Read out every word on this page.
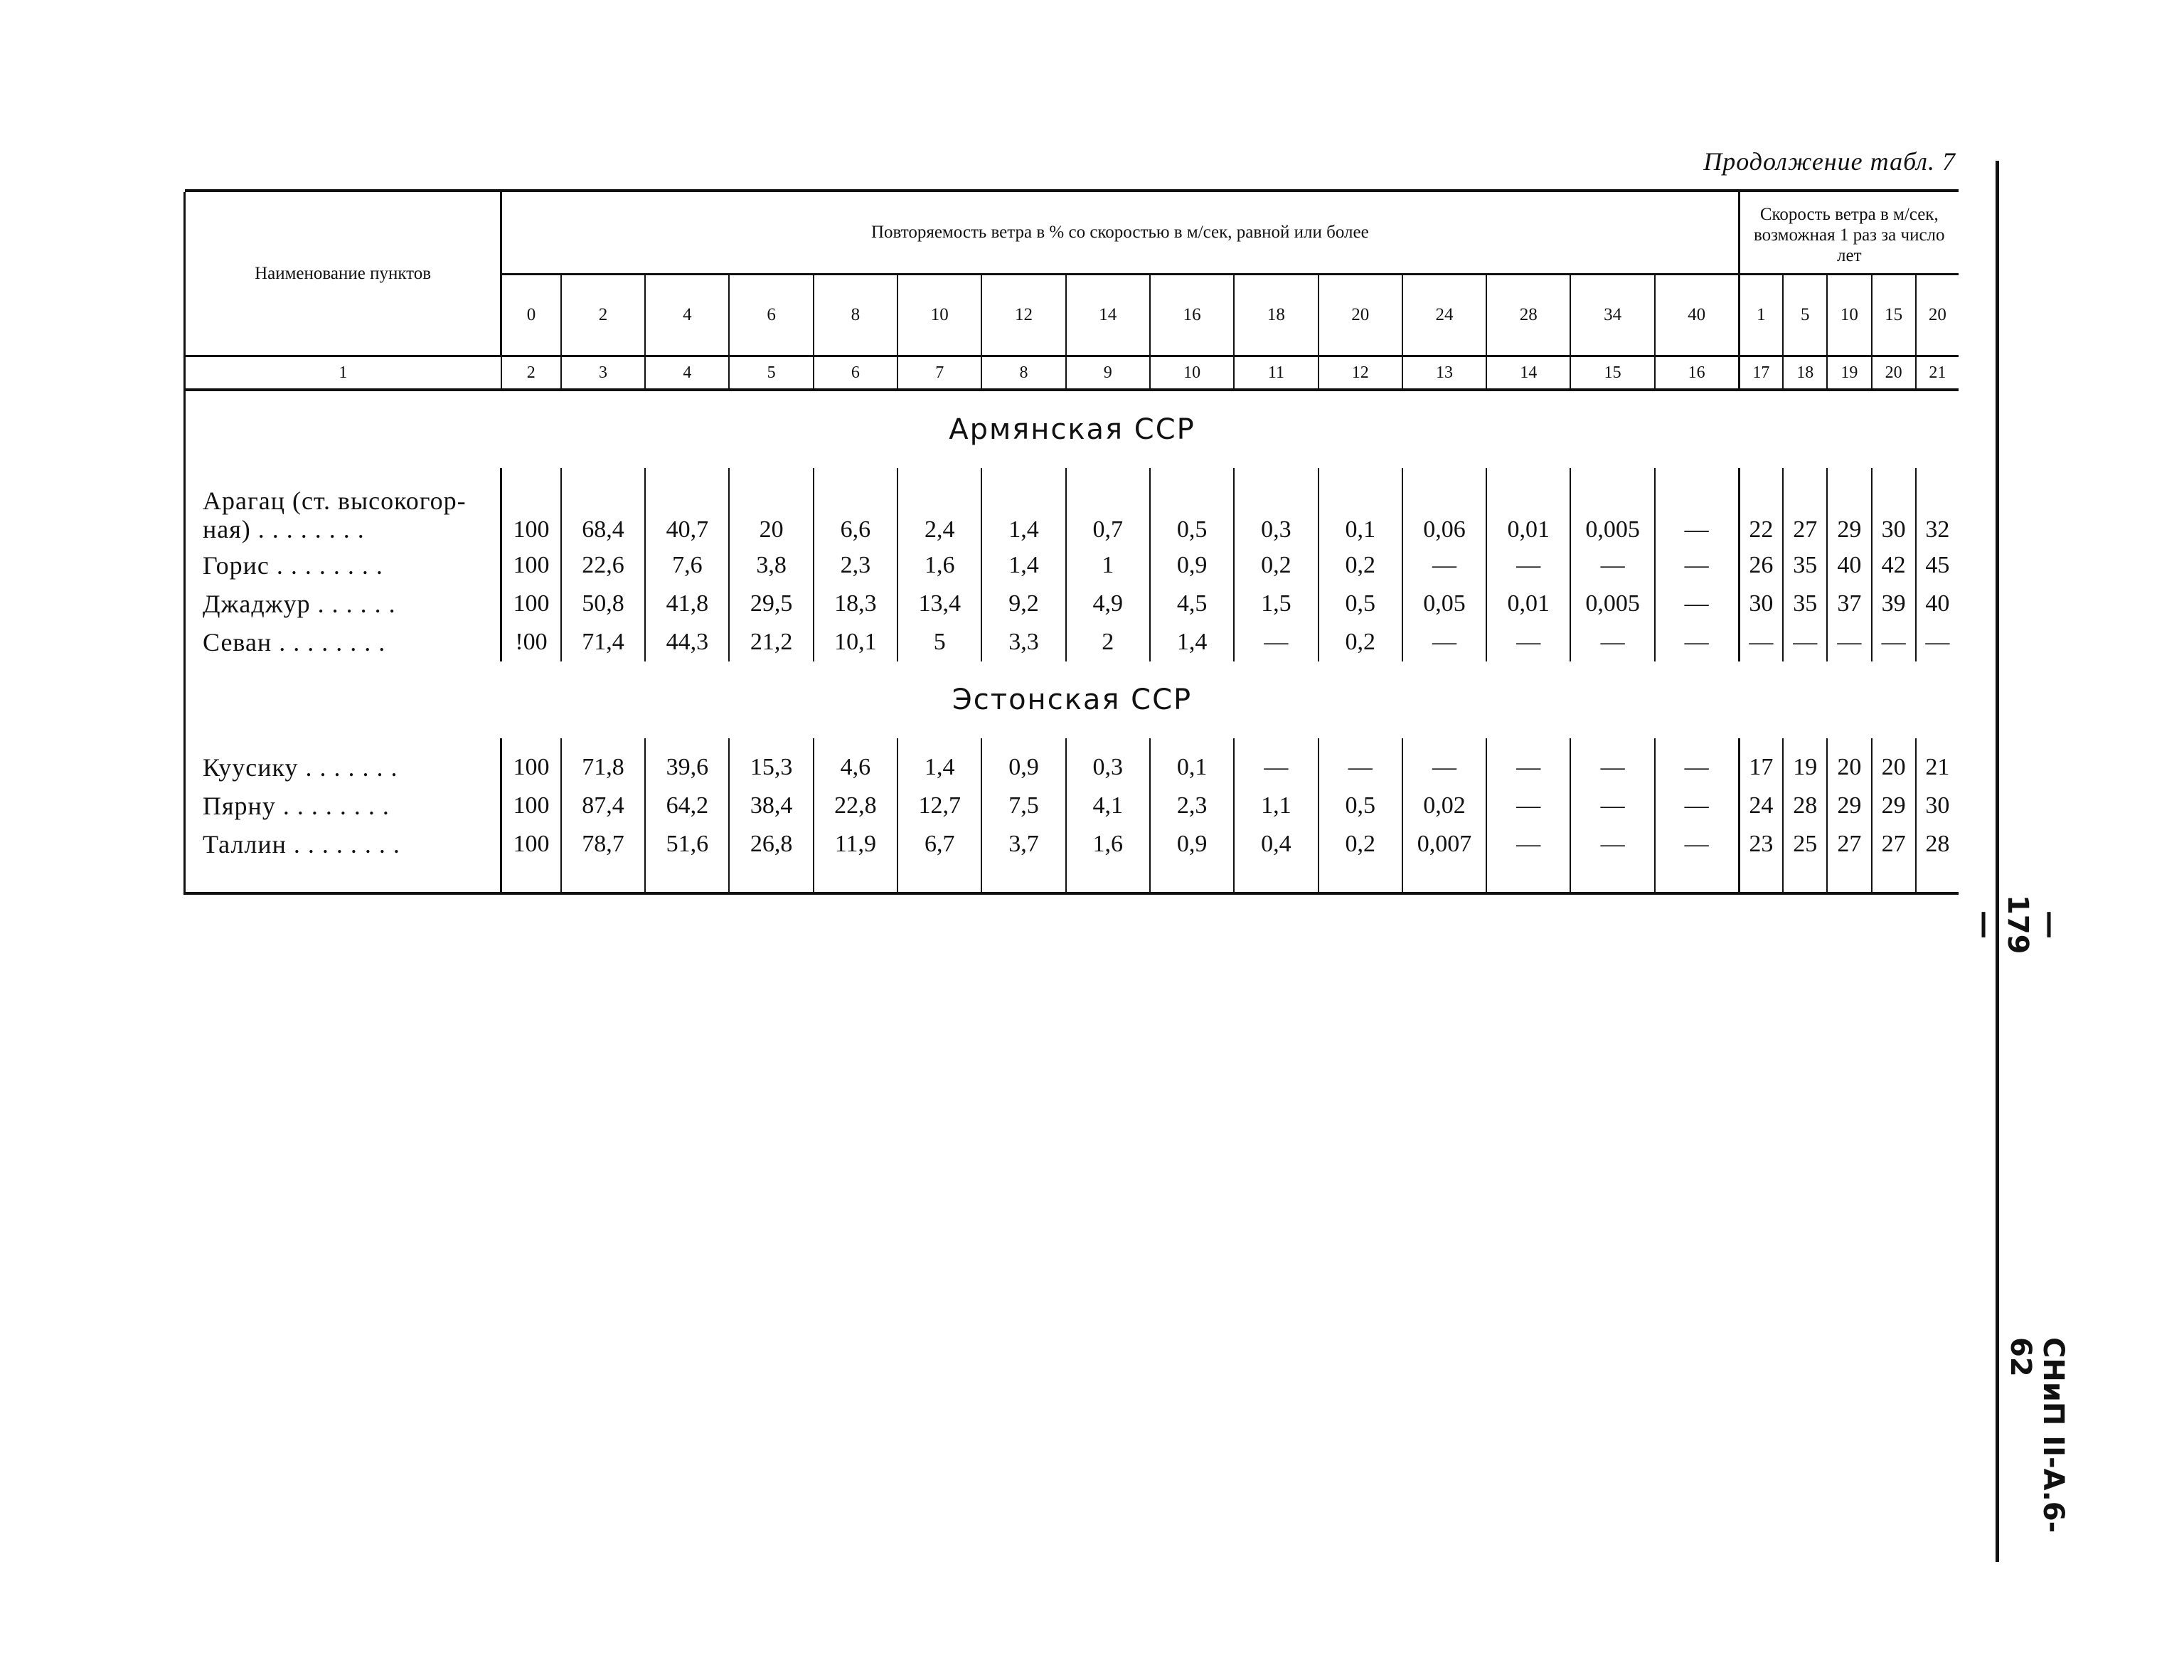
Продолжение табл. 7

Наименование пунктов	Повторяемость ветра в % со скоростью в м/сек, равной или более															Скорость ветра в м/сек, возможная 1 раз за число лет				
	0	2	4	6	8	10	12	14	16	18	20	24	28	34	40	1	5	10	15	20
1	2	3	4	5	6	7	8	9	10	11	12	13	14	15	16	17	18	19	20	21
Армянская ССР																				

Арагац (ст. высокогор-ная) . . . . . . . .	100	68,4	40,7	20	6,6	2,4	1,4	0,7	0,5	0,3	0,1	0,06	0,01	0,005	—	22	27	29	30	32
Горис . . . . . . . .	100	22,6	7,6	3,8	2,3	1,6	1,4	1	0,9	0,2	0,2	—	—	—	—	26	35	40	42	45
Джаджур . . . . . .	100	50,8	41,8	29,5	18,3	13,4	9,2	4,9	4,5	1,5	0,5	0,05	0,01	0,005	—	30	35	37	39	40
Севан . . . . . . . .	!00	71,4	44,3	21,2	10,1	5	3,3	2	1,4	—	0,2	—	—	—	—	—	—	—	—	—
Эстонская ССР																				

Куусику . . . . . . .	100	71,8	39,6	15,3	4,6	1,4	0,9	0,3	0,1	—	—	—	—	—	—	17	19	20	20	21
Пярну . . . . . . . .	100	87,4	64,2	38,4	22,8	12,7	7,5	4,1	2,3	1,1	0,5	0,02	—	—	—	24	28	29	29	30
Таллин . . . . . . . .	100	78,7	51,6	26,8	11,9	6,7	3,7	1,6	0,9	0,4	0,2	0,007	—	—	—	23	25	27	27	28

— 179 —
СНиП II-А.6-62
